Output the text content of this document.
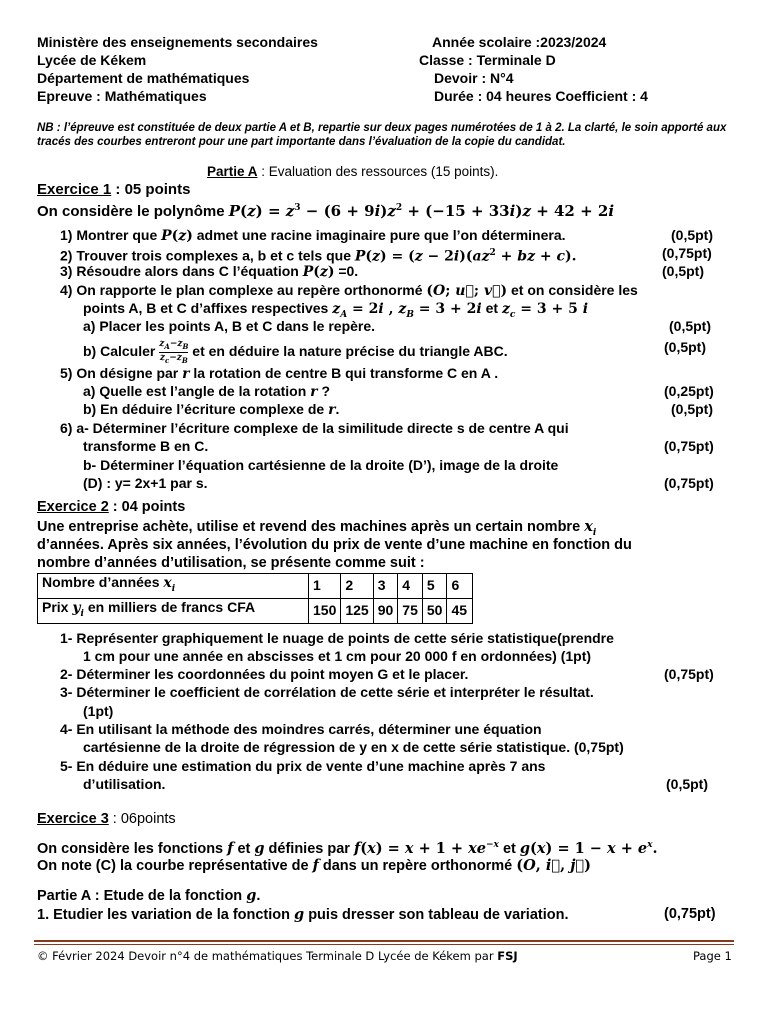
Ministère des enseignements secondaires
Lycée de Kékem
Département de mathématiques
Epreuve : Mathématiques
Année scolaire :2023/2024
Classe : Terminale D
Devoir : N°4
Durée : 04 heures Coefficient : 4
NB : l’épreuve est constituée de deux partie A et B, repartie sur deux pages numérotées de 1 à 2. La clarté, le soin apporté aux tracés des courbes entreront pour une part importante dans l’évaluation de la copie du candidat.
Partie A : Evaluation des ressources (15 points).
Exercice 1 : 05 points
On considère le polynôme $P(z) = z^3 - (6 + 9i)z^2 + (-15 + 33i)z + 42 + 2i$
1) Montrer que P(z) admet une racine imaginaire pure que l’on déterminera.	(0,5pt)
2) Trouver trois complexes a, b et c tels que $P(z) = (z - 2i)(az^2$ + bz + c).	(0,75pt)
3) Résoudre alors dans C l’équation P(z) =0.	(0,5pt)
4) On rapporte le plan complexe au repère orthonormé (O; u⃗; v⃗) et on considère les
points A, B et C d’affixes respectives $z_A = 2i$ , $z_B = 3 + 2i$ et $z_c = 3 + 5$ i
a) Placer les points A, B et C dans le repère.	(0,5pt)
b) Calculer $\frac{z_A-z_B}{z_c-z_B}$ et en déduire la nature précise du triangle ABC.	(0,5pt)
5) On désigne par r la rotation de centre B qui transforme C en A .
a) Quelle est l’angle de la rotation r ?	(0,25pt)
b) En déduire l’écriture complexe de r.	(0,5pt)
6) a- Déterminer l’écriture complexe de la similitude directe s de centre A qui
transforme B en C.	(0,75pt)
b- Déterminer l’équation cartésienne de la droite (D’), image de la droite
(D) : y= 2x+1 par s.	(0,75pt)
Exercice 2 : 04 points
Une entreprise achète, utilise et revend des machines après un certain nombre $x_i$
d’années. Après six années, l’évolution du prix de vente d’une machine en fonction du
nombre d’années d’utilisation, se présente comme suit :
Nombre d’années $x_i$	1	2	3	4	5	6
Prix $y_i$ en milliers de francs CFA	150	125	90	75	50	45
1- Représenter graphiquement le nuage de points de cette série statistique(prendre
1 cm pour une année en abscisses et 1 cm pour 20 000 f en ordonnées) (1pt)
2- Déterminer les coordonnées du point moyen G et le placer.	(0,75pt)
3- Déterminer le coefficient de corrélation de cette série et interpréter le résultat.
(1pt)
4- En utilisant la méthode des moindres carrés, déterminer une équation
cartésienne de la droite de régression de y en x de cette série statistique. (0,75pt)
5- En déduire une estimation du prix de vente d’une machine après 7 ans
d’utilisation.	(0,5pt)
Exercice 3 : 06points
On considère les fonctions f et g définies par $f(x) = x + 1 + xe^{-x}$ et $g(x) = 1 - x + e^x$.
On note (C) la courbe représentative de f dans un repère orthonormé (O, i⃗, j⃗)
Partie A : Etude de la fonction g.
1. Etudier les variation de la fonction g puis dresser son tableau de variation.	(0,75pt)
© Février 2024 Devoir n°4 de mathématiques Terminale D Lycée de Kékem par FSJ	Page 1
